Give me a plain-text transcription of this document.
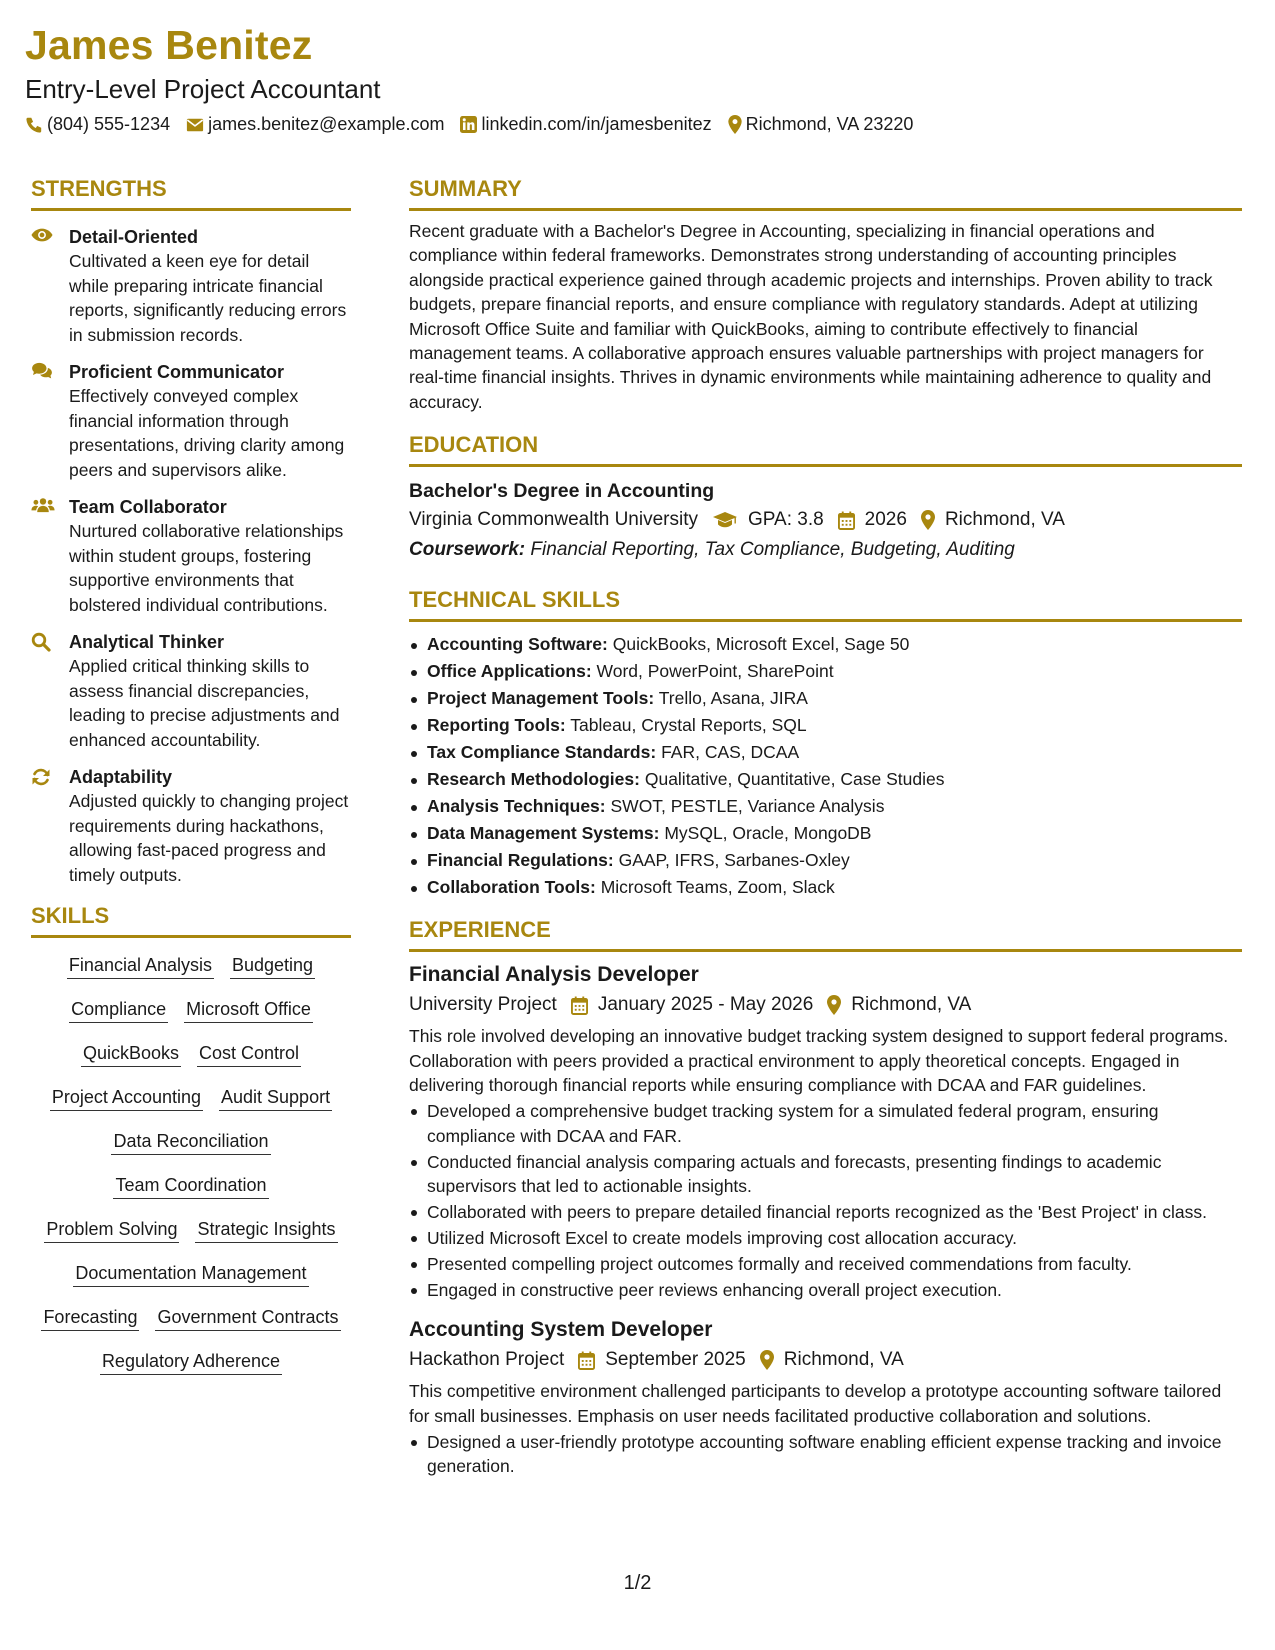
James Benitez
Entry-Level Project Accountant
(804) 555-1234 james.benitez@example.com linkedin.com/in/jamesbenitez Richmond, VA 23220
STRENGTHS
Detail-Oriented
Cultivated a keen eye for detail while preparing intricate financial reports, significantly reducing errors in submission records.
Proficient Communicator
Effectively conveyed complex financial information through presentations, driving clarity among peers and supervisors alike.
Team Collaborator
Nurtured collaborative relationships within student groups, fostering supportive environments that bolstered individual contributions.
Analytical Thinker
Applied critical thinking skills to assess financial discrepancies, leading to precise adjustments and enhanced accountability.
Adaptability
Adjusted quickly to changing project requirements during hackathons, allowing fast-paced progress and timely outputs.
SKILLS
Financial Analysis Budgeting
Compliance Microsoft Office
QuickBooks Cost Control
Project Accounting Audit Support
Data Reconciliation
Team Coordination
Problem Solving Strategic Insights
Documentation Management
Forecasting Government Contracts
Regulatory Adherence
SUMMARY
Recent graduate with a Bachelor's Degree in Accounting, specializing in financial operations and compliance within federal frameworks. Demonstrates strong understanding of accounting principles alongside practical experience gained through academic projects and internships. Proven ability to track budgets, prepare financial reports, and ensure compliance with regulatory standards. Adept at utilizing Microsoft Office Suite and familiar with QuickBooks, aiming to contribute effectively to financial management teams. A collaborative approach ensures valuable partnerships with project managers for real-time financial insights. Thrives in dynamic environments while maintaining adherence to quality and accuracy.
EDUCATION
Bachelor's Degree in Accounting
Virginia Commonwealth University	GPA: 3.8 2026 Richmond, VA
Coursework: Financial Reporting, Tax Compliance, Budgeting, Auditing
TECHNICAL SKILLS
Accounting Software: QuickBooks, Microsoft Excel, Sage 50
Office Applications: Word, PowerPoint, SharePoint
Project Management Tools: Trello, Asana, JIRA
Reporting Tools: Tableau, Crystal Reports, SQL
Tax Compliance Standards: FAR, CAS, DCAA
Research Methodologies: Qualitative, Quantitative, Case Studies
Analysis Techniques: SWOT, PESTLE, Variance Analysis
Data Management Systems: MySQL, Oracle, MongoDB
Financial Regulations: GAAP, IFRS, Sarbanes-Oxley
Collaboration Tools: Microsoft Teams, Zoom, Slack
EXPERIENCE
Financial Analysis Developer
University Project January 2025 - May 2026 Richmond, VA
This role involved developing an innovative budget tracking system designed to support federal programs. Collaboration with peers provided a practical environment to apply theoretical concepts. Engaged in delivering thorough financial reports while ensuring compliance with DCAA and FAR guidelines.
Developed a comprehensive budget tracking system for a simulated federal program, ensuring compliance with DCAA and FAR.
Conducted financial analysis comparing actuals and forecasts, presenting findings to academic supervisors that led to actionable insights.
Collaborated with peers to prepare detailed financial reports recognized as the 'Best Project' in class.
Utilized Microsoft Excel to create models improving cost allocation accuracy.
Presented compelling project outcomes formally and received commendations from faculty.
Engaged in constructive peer reviews enhancing overall project execution.
Accounting System Developer
Hackathon Project September 2025 Richmond, VA
This competitive environment challenged participants to develop a prototype accounting software tailored for small businesses. Emphasis on user needs facilitated productive collaboration and solutions.
Designed a user-friendly prototype accounting software enabling efficient expense tracking and invoice generation.
1/2
